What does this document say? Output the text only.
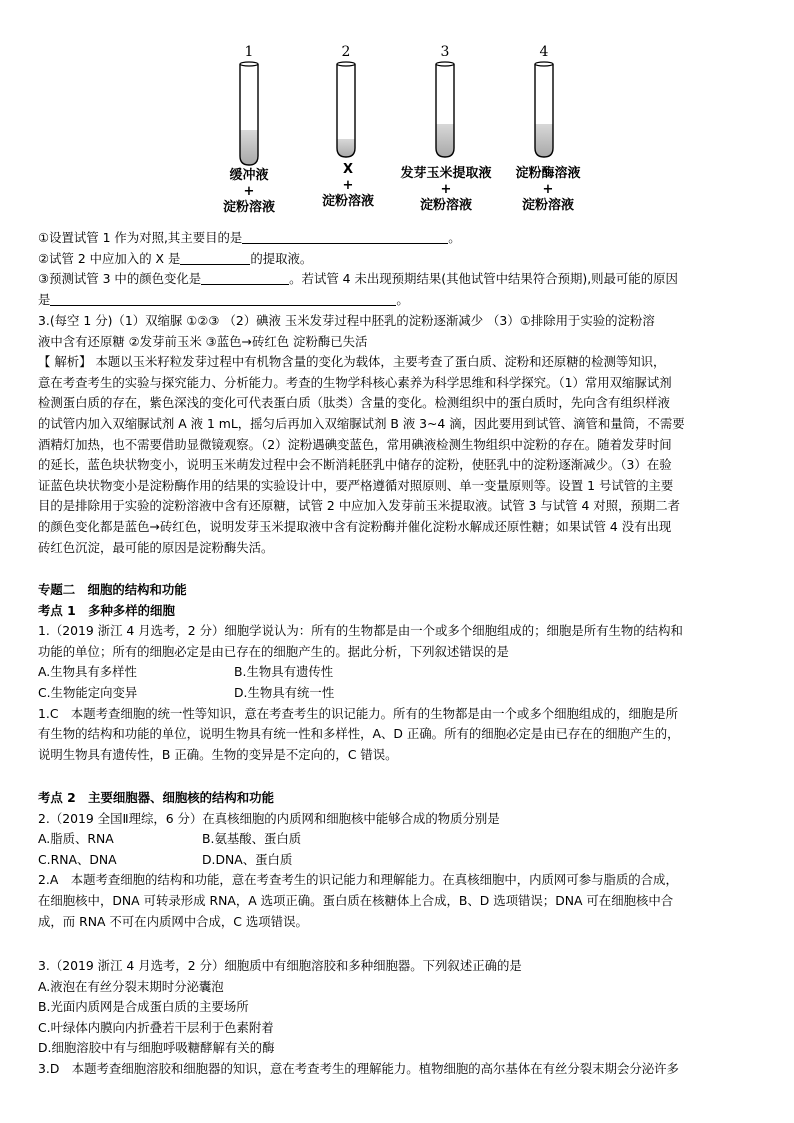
1	2	3	4
缓冲液
+
淀粉溶液
X
+
淀粉溶液
发芽玉米提取液
+
淀粉溶液
淀粉酶溶液
+
淀粉溶液
①设置试管 1 作为对照,其主要目的是	。
②试管 2 中应加入的 X 是	的提取液。
③预测试管 3 中的颜色变化是	。若试管 4 未出现预期结果(其他试管中结果符合预期),则最可能的原因
是	。
3.(每空 1 分)（1）双缩脲 ①②③ （2）碘液 玉米发芽过程中胚乳的淀粉逐渐减少 （3）①排除用于实验的淀粉溶
液中含有还原糖 ②发芽前玉米 ③蓝色→砖红色 淀粉酶已失活
【 解析】 本题以玉米籽粒发芽过程中有机物含量的变化为载体，主要考查了蛋白质、淀粉和还原糖的检测等知识，
意在考查考生的实验与探究能力、分析能力。考查的生物学科核心素养为科学思维和科学探究。（1）常用双缩脲试剂
检测蛋白质的存在，紫色深浅的变化可代表蛋白质（肽类）含量的变化。检测组织中的蛋白质时，先向含有组织样液
的试管内加入双缩脲试剂 A 液 1 mL，摇匀后再加入双缩脲试剂 B 液 3~4 滴，因此要用到试管、滴管和量筒，不需要
酒精灯加热，也不需要借助显微镜观察。（2）淀粉遇碘变蓝色，常用碘液检测生物组织中淀粉的存在。随着发芽时间
的延长，蓝色块状物变小，说明玉米萌发过程中会不断消耗胚乳中储存的淀粉，使胚乳中的淀粉逐渐减少。（3）在验
证蓝色块状物变小是淀粉酶作用的结果的实验设计中，要严格遵循对照原则、单一变量原则等。设置 1 号试管的主要
目的是排除用于实验的淀粉溶液中含有还原糖，试管 2 中应加入发芽前玉米提取液。试管 3 与试管 4 对照，预期二者
的颜色变化都是蓝色→砖红色，说明发芽玉米提取液中含有淀粉酶并催化淀粉水解成还原性糖；如果试管 4 没有出现
砖红色沉淀，最可能的原因是淀粉酶失活。
专题二　细胞的结构和功能
考点 1　多种多样的细胞
1.（2019 浙江 4 月选考，2 分）细胞学说认为：所有的生物都是由一个或多个细胞组成的；细胞是所有生物的结构和
功能的单位；所有的细胞必定是由已存在的细胞产生的。据此分析，下列叙述错误的是
A.生物具有多样性	B.生物具有遗传性
C.生物能定向变异	D.生物具有统一性
1.C　本题考查细胞的统一性等知识，意在考查考生的识记能力。所有的生物都是由一个或多个细胞组成的，细胞是所
有生物的结构和功能的单位，说明生物具有统一性和多样性，A、D 正确。所有的细胞必定是由已存在的细胞产生的，
说明生物具有遗传性，B 正确。生物的变异是不定向的，C 错误。
考点 2　主要细胞器、细胞核的结构和功能
2.（2019 全国Ⅱ理综，6 分）在真核细胞的内质网和细胞核中能够合成的物质分别是
A.脂质、RNA	B.氨基酸、蛋白质
C.RNA、DNA	D.DNA、蛋白质
2.A　本题考查细胞的结构和功能，意在考查考生的识记能力和理解能力。在真核细胞中，内质网可参与脂质的合成，
在细胞核中，DNA 可转录形成 RNA，A 选项正确。蛋白质在核糖体上合成，B、D 选项错误；DNA 可在细胞核中合
成，而 RNA 不可在内质网中合成，C 选项错误。
3.（2019 浙江 4 月选考，2 分）细胞质中有细胞溶胶和多种细胞器。下列叙述正确的是
A.液泡在有丝分裂末期时分泌囊泡
B.光面内质网是合成蛋白质的主要场所
C.叶绿体内膜向内折叠若干层利于色素附着
D.细胞溶胶中有与细胞呼吸糖酵解有关的酶
3.D　本题考查细胞溶胶和细胞器的知识，意在考查考生的理解能力。植物细胞的高尔基体在有丝分裂末期会分泌许多
